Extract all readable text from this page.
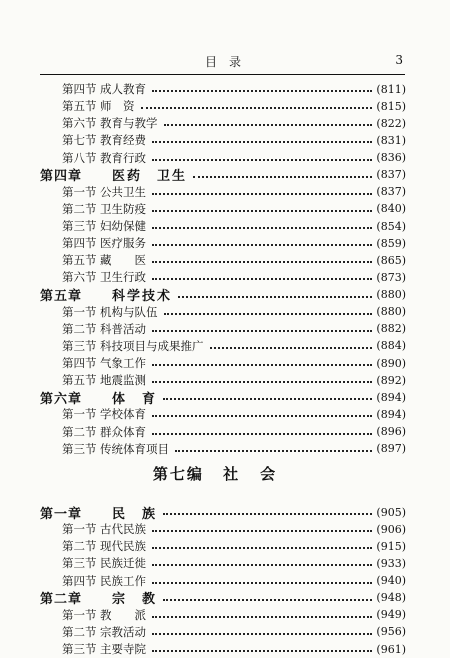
目录	3
第四节 成人教育	(811)
第五节 师　资	(815)
第六节 教育与教学	(822)
第七节 教育经费	(831)
第八节 教育行政	(836)
第四章	医药　卫生	(837)
第一节 公共卫生	(837)
第二节 卫生防疫	(840)
第三节 妇幼保健	(854)
第四节 医疗服务	(859)
第五节 藏　　医	(865)
第六节 卫生行政	(873)
第五章	科学技术	(880)
第一节 机构与队伍	(880)
第二节 科普活动	(882)
第三节 科技项目与成果推广	(884)
第四节 气象工作	(890)
第五节 地震监测	(892)
第六章	体　育	(894)
第一节 学校体育	(894)
第二节 群众体育	(896)
第三节 传统体育项目	(897)
第七编 社会
第一章	民　族	(905)
第一节 古代民族	(906)
第二节 现代民族	(915)
第三节 民族迁徙	(933)
第四节 民族工作	(940)
第二章	宗　教	(948)
第一节 教　　派	(949)
第二节 宗教活动	(956)
第三节 主要寺院	(961)
